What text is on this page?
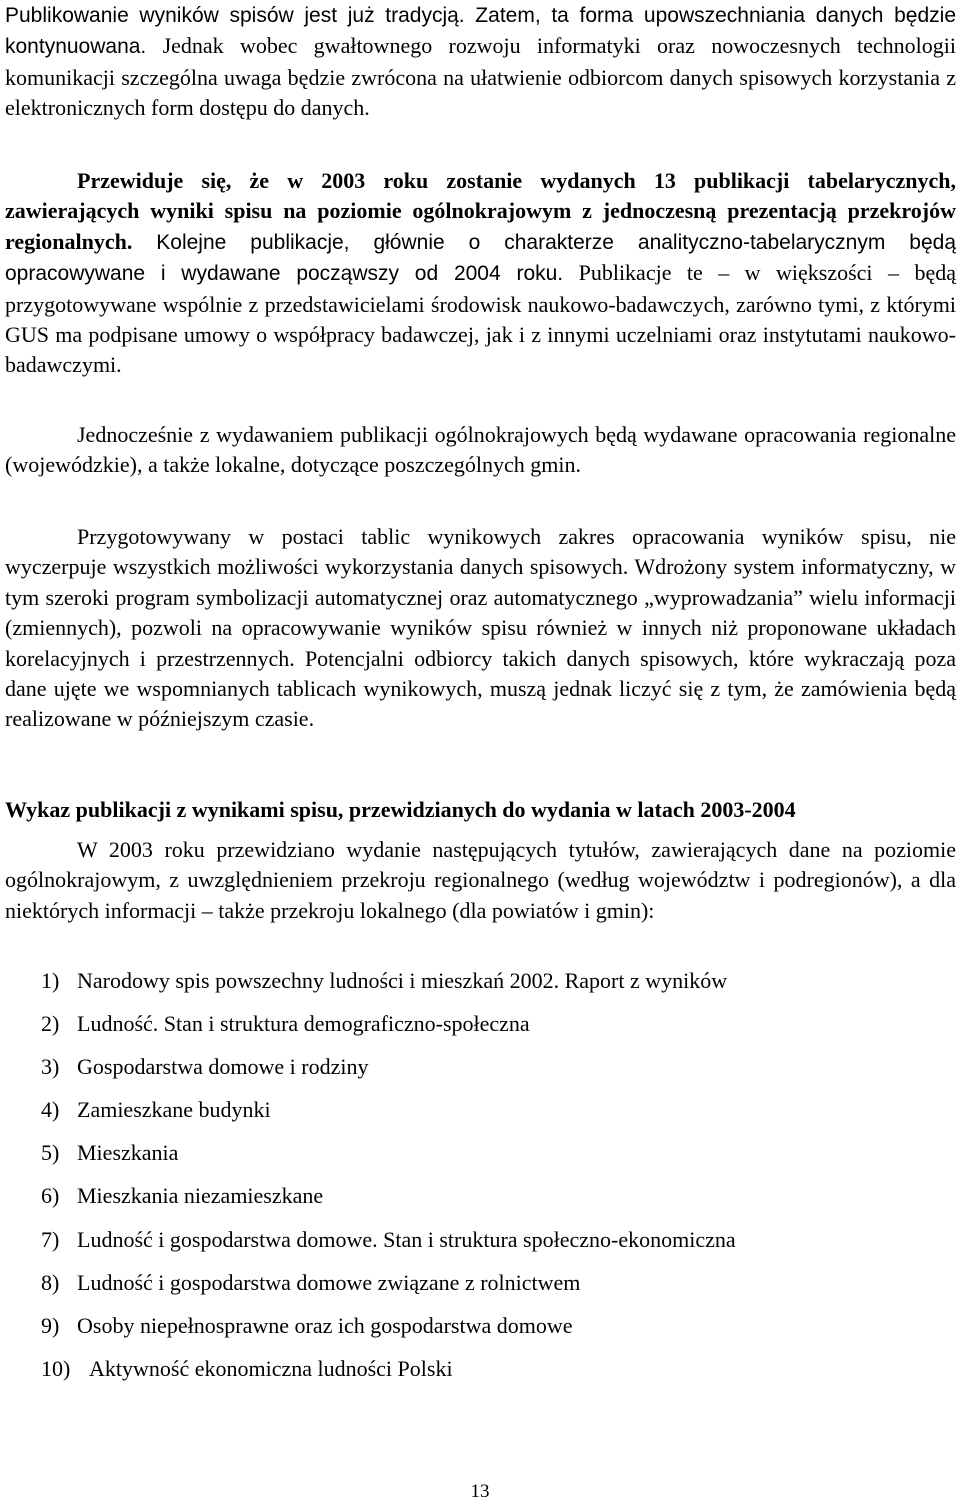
Publikowanie wyników spisów jest już tradycją. Zatem, ta forma upowszechniania danych będzie kontynuowana. Jednak wobec gwałtownego rozwoju informatyki oraz nowoczesnych technologii komunikacji szczególna uwaga będzie zwrócona na ułatwienie odbiorcom danych spisowych korzystania z elektronicznych form dostępu do danych.

Przewiduje się, że w 2003 roku zostanie wydanych 13 publikacji tabelarycznych, zawierających wyniki spisu na poziomie ogólnokrajowym z jednoczesną prezentacją przekrojów regionalnych. Kolejne publikacje, głównie o charakterze analityczno-tabelarycznym będą opracowywane i wydawane począwszy od 2004 roku. Publikacje te – w większości – będą przygotowywane wspólnie z przedstawicielami środowisk naukowo-badawczych, zarówno tymi, z którymi GUS ma podpisane umowy o współpracy badawczej, jak i z innymi uczelniami oraz instytutami naukowo-badawczymi.

Jednocześnie z wydawaniem publikacji ogólnokrajowych będą wydawane opracowania regionalne (wojewódzkie), a także lokalne, dotyczące poszczególnych gmin.

Przygotowywany w postaci tablic wynikowych zakres opracowania wyników spisu, nie wyczerpuje wszystkich możliwości wykorzystania danych spisowych. Wdrożony system informatyczny, w tym szeroki program symbolizacji automatycznej oraz automatycznego „wyprowadzania” wielu informacji (zmiennych), pozwoli na opracowywanie wyników spisu również w innych niż proponowane układach korelacyjnych i przestrzennych. Potencjalni odbiorcy takich danych spisowych, które wykraczają poza dane ujęte we wspomnianych tablicach wynikowych, muszą jednak liczyć się z tym, że zamówienia będą realizowane w późniejszym czasie.

Wykaz publikacji z wynikami spisu, przewidzianych do wydania w latach 2003-2004

W 2003 roku przewidziano wydanie następujących tytułów, zawierających dane na poziomie ogólnokrajowym, z uwzględnieniem przekroju regionalnego (według województw i podregionów), a dla niektórych informacji – także przekroju lokalnego (dla powiatów i gmin):

1) Narodowy spis powszechny ludności i mieszkań 2002. Raport z wyników
2) Ludność. Stan i struktura demograficzno-społeczna
3) Gospodarstwa domowe i rodziny
4) Zamieszkane budynki
5) Mieszkania
6) Mieszkania niezamieszkane
7) Ludność i gospodarstwa domowe. Stan i struktura społeczno-ekonomiczna
8) Ludność i gospodarstwa domowe związane z rolnictwem
9) Osoby niepełnosprawne oraz ich gospodarstwa domowe
10) Aktywność ekonomiczna ludności Polski
13
